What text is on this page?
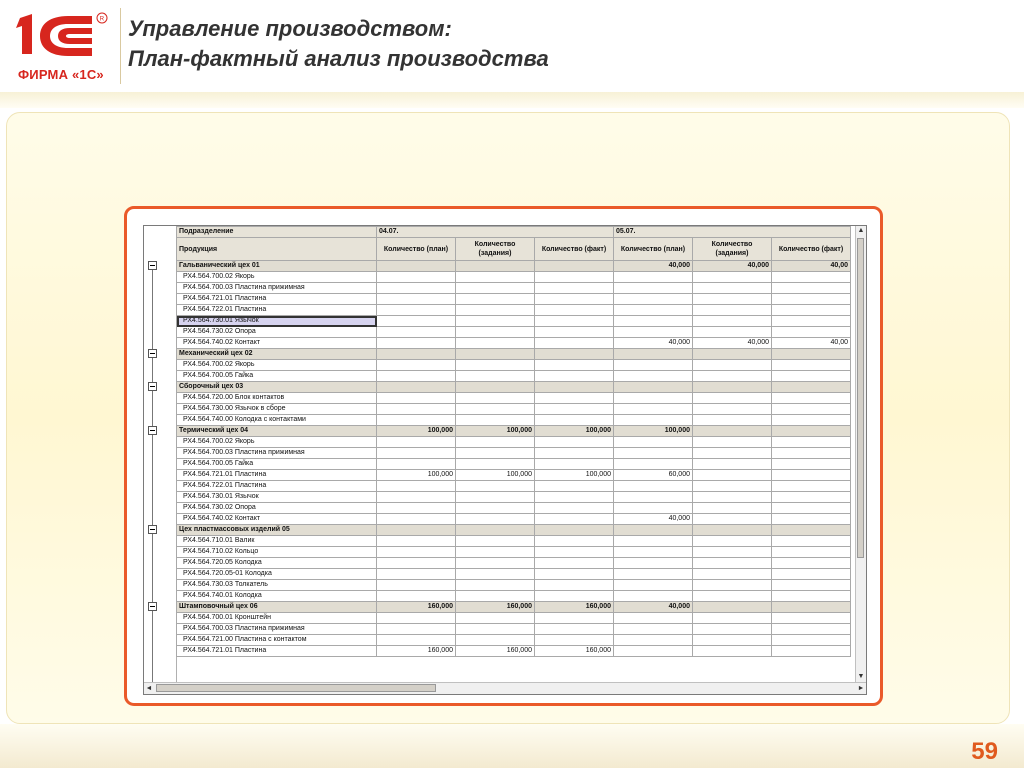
R
ФИРМА «1С»
Управление производством:
План-фактный анализ производства
59
Подразделение	04.07.			05.07.		
Продукция	Количество (план)	Количество (задания)	Количество (факт)	Количество (план)	Количество (задания)	Количество (факт)
Гальванический цех 01				40,000	40,000	40,00
РХ4.564.700.02 Якорь						
РХ4.564.700.03 Пластина прижимная						
РХ4.564.721.01 Пластина						
РХ4.564.722.01 Пластина						
РХ4.564.730.01 Язычок						
РХ4.564.730.02 Опора						
РХ4.564.740.02 Контакт				40,000	40,000	40,00
Механический цех 02						
РХ4.564.700.02 Якорь						
РХ4.564.700.05 Гайка						
Сборочный цех 03						
РХ4.564.720.00 Блок контактов						
РХ4.564.730.00 Язычок в сборе						
РХ4.564.740.00 Колодка с контактами						
Термический цех 04	100,000	100,000	100,000	100,000		
РХ4.564.700.02 Якорь						
РХ4.564.700.03 Пластина прижимная						
РХ4.564.700.05 Гайка						
РХ4.564.721.01 Пластина	100,000	100,000	100,000	60,000		
РХ4.564.722.01 Пластина						
РХ4.564.730.01 Язычок						
РХ4.564.730.02 Опора						
РХ4.564.740.02 Контакт				40,000		
Цех пластмассовых изделий 05						
РХ4.564.710.01 Валик						
РХ4.564.710.02 Кольцо						
РХ4.564.720.05 Колодка						
РХ4.564.720.05-01 Колодка						
РХ4.564.730.03 Толкатель						
РХ4.564.740.01 Колодка						
Штамповочный цех 06	160,000	160,000	160,000	40,000		
РХ4.564.700.01 Кронштейн						
РХ4.564.700.03 Пластина прижимная						
РХ4.564.721.00 Пластина с контактом						
РХ4.564.721.01 Пластина	160,000	160,000	160,000			
▲
▼
◄	►
